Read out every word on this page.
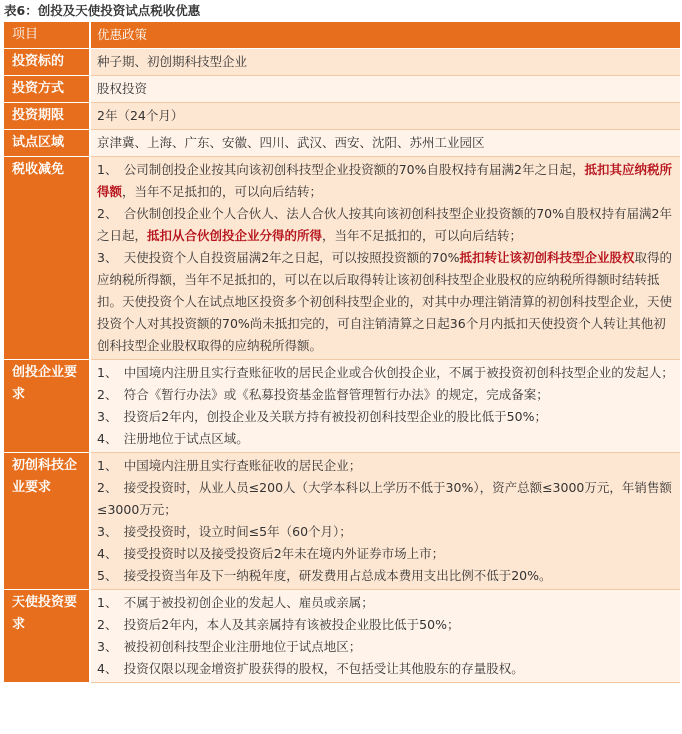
表6：创投及天使投资试点税收优惠
项目	优惠政策
投资标的	种子期、初创期科技型企业
投资方式	股权投资
投资期限	2年（24个月）
试点区域	京津冀、上海、广东、安徽、四川、武汉、西安、沈阳、苏州工业园区
税收减免	1、　公司制创投企业按其向该初创科技型企业投资额的70%自股权持有届满2年之日起，抵扣其应纳税所得额，当年不足抵扣的，可以向后结转；
2、　合伙制创投企业个人合伙人、法人合伙人按其向该初创科技型企业投资额的70%自股权持有届满2年之日起，抵扣从合伙创投企业分得的所得，当年不足抵扣的，可以向后结转；
3、　天使投资个人自投资届满2年之日起，可以按照投资额的70%抵扣转让该初创科技型企业股权取得的应纳税所得额，当年不足抵扣的，可以在以后取得转让该初创科技型企业股权的应纳税所得额时结转抵扣。天使投资个人在试点地区投资多个初创科技型企业的，对其中办理注销清算的初创科技型企业，天使投资个人对其投资额的70%尚未抵扣完的，可自注销清算之日起36个月内抵扣天使投资个人转让其他初创科技型企业股权取得的应纳税所得额。

创投企业要求	1、　中国境内注册且实行查账征收的居民企业或合伙创投企业，不属于被投资初创科技型企业的发起人；
2、　符合《暂行办法》或《私募投资基金监督管理暂行办法》的规定，完成备案；
3、　投资后2年内，创投企业及关联方持有被投初创科技型企业的股比低于50%；
4、　注册地位于试点区域。

初创科技企业要求	1、　中国境内注册且实行查账征收的居民企业；
2、　接受投资时，从业人员≤200人（大学本科以上学历不低于30%），资产总额≤3000万元，年销售额≤3000万元；
3、　接受投资时，设立时间≤5年（60个月）；
4、　接受投资时以及接受投资后2年未在境内外证券市场上市；
5、　接受投资当年及下一纳税年度，研发费用占总成本费用支出比例不低于20%。

天使投资要求	1、　不属于被投初创企业的发起人、雇员或亲属；
2、　投资后2年内，本人及其亲属持有该被投企业股比低于50%；
3、　被投初创科技型企业注册地位于试点地区；
4、　投资仅限以现金增资扩股获得的股权，不包括受让其他股东的存量股权。
